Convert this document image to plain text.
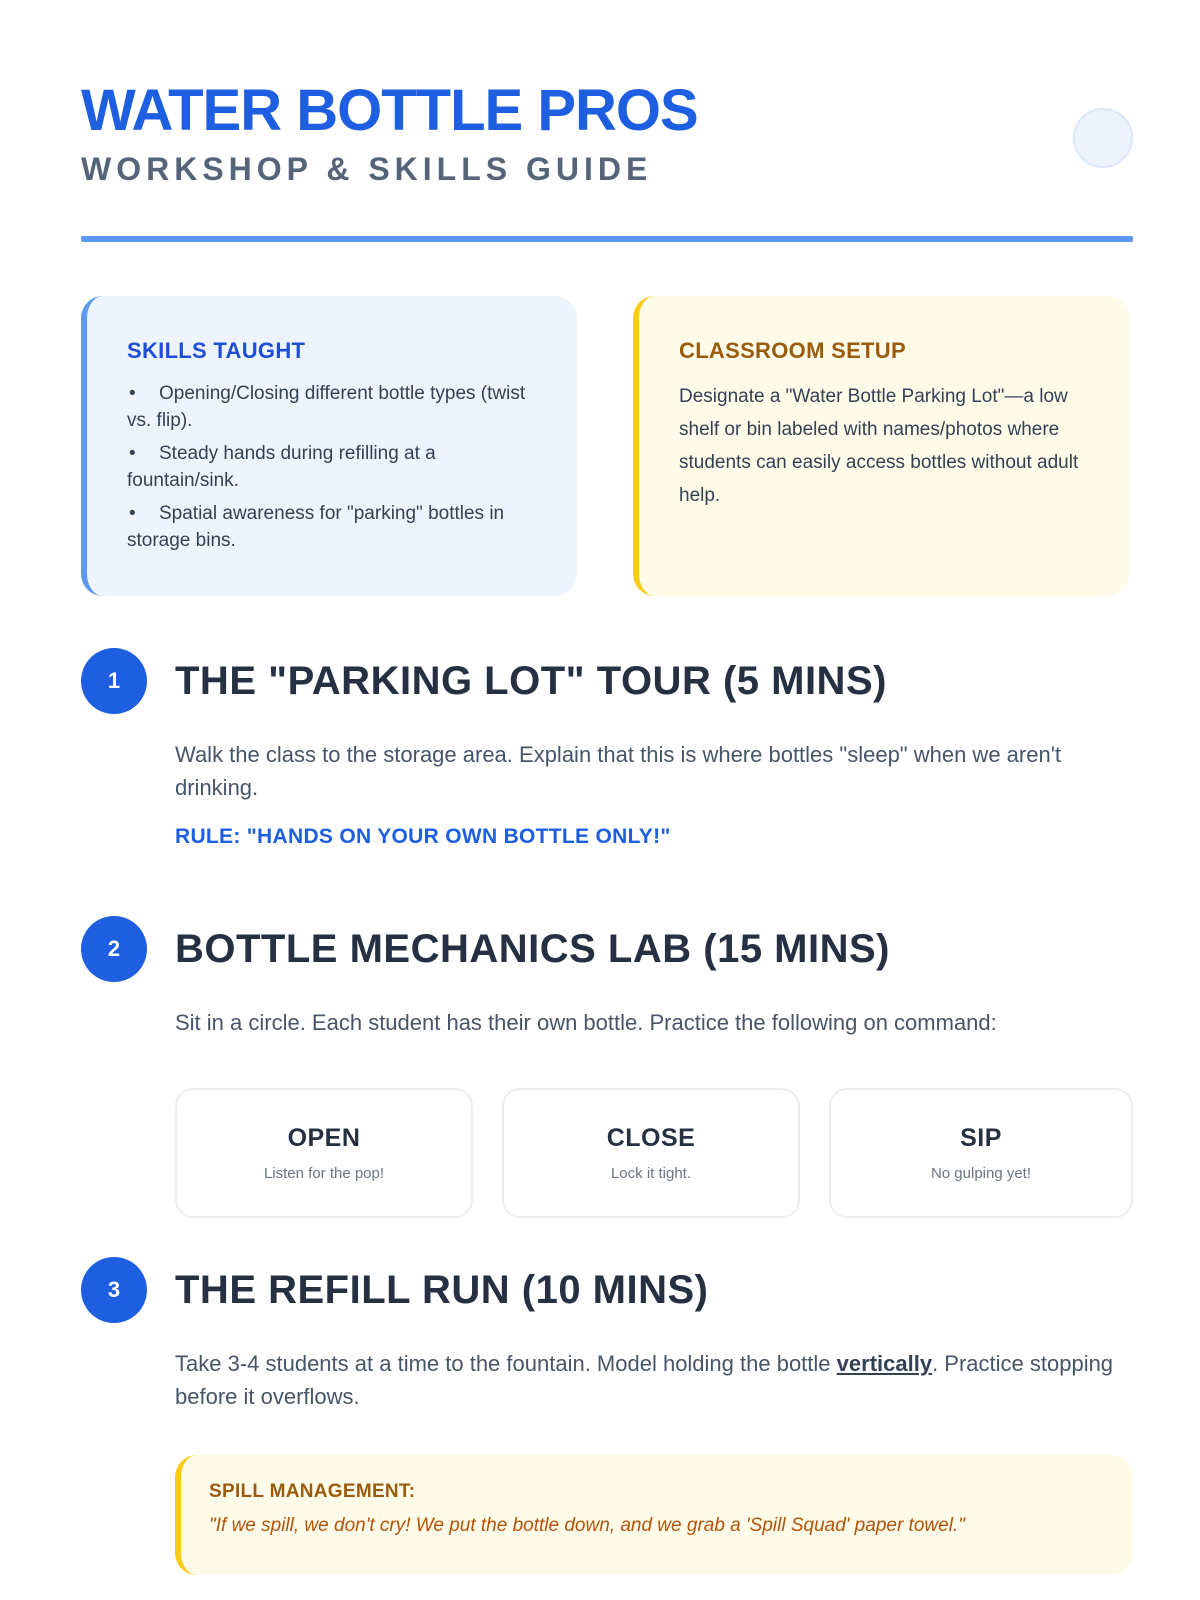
WATER BOTTLE PROS
WORKSHOP & SKILLS GUIDE
SKILLS TAUGHT
• Opening/Closing different bottle types (twist vs. flip).
• Steady hands during refilling at a fountain/sink.
• Spatial awareness for "parking" bottles in storage bins.
CLASSROOM SETUP

Designate a "Water Bottle Parking Lot"—a low shelf or bin labeled with names/photos where students can easily access bottles without adult help.

1	THE "PARKING LOT" TOUR (5 MINS)

Walk the class to the storage area. Explain that this is where bottles "sleep" when we aren't drinking.

RULE: "HANDS ON YOUR OWN BOTTLE ONLY!"
2	BOTTLE MECHANICS LAB (15 MINS)

Sit in a circle. Each student has their own bottle. Practice the following on command:

OPEN
Listen for the pop!
CLOSE
Lock it tight.
SIP
No gulping yet!
3	THE REFILL RUN (10 MINS)

Take 3-4 students at a time to the fountain. Model holding the bottle vertically. Practice stopping before it overflows.

SPILL MANAGEMENT:
"If we spill, we don't cry! We put the bottle down, and we grab a 'Spill Squad' paper towel."
